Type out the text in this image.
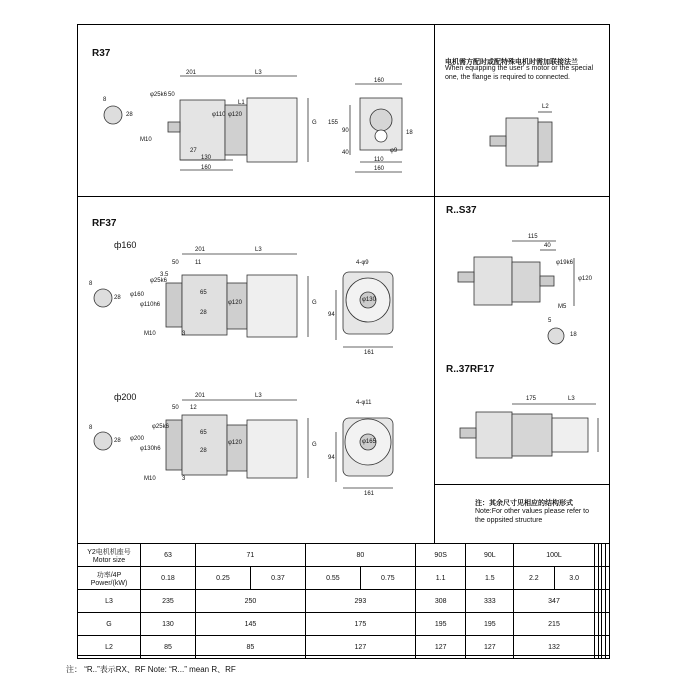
R37
RF37
ф160
ф200
R..S37
R..37RF17
电机需方配时或配特殊电机时需加联接法兰
When equipping the user' s motor or the special one, the flange is required to connected.
注：其余尺寸见相应的结构形式
Note:For other values please refer to the oppsited structure
201	L3
50
8
28
φ25k6
φ110 φ120
M10
27
130
160
G
L1
160
155
90
40
18
110
160
φ9
201	L3
50	11
8
28 φ160
φ110h6
φ25k6
3.5
65
28
φ120
M10	3
G
4-φ9
φ130
94
161
201	L3
50 12
8
28 φ200
φ130h6
φ25k6
65
28
φ120
M10	3
G
4-φ11
φ165
94
161
L2
115
40
φ19k6
φ120
M5
5
18
175	L3
Y2电机机座号
Motor size	63	71		80		90S	90L	100L					
功率/4P
Power/(kW)	0.18	0.25	0.37	0.55	0.75	1.1	1.5	2.2	3.0				
L3	235	250		293		308	333	347					
G	130	145		175		195	195	215					
L2	85	85		127		127	127	132					
注： “R..”表示RX、RF Note: “R...” mean R、RF
